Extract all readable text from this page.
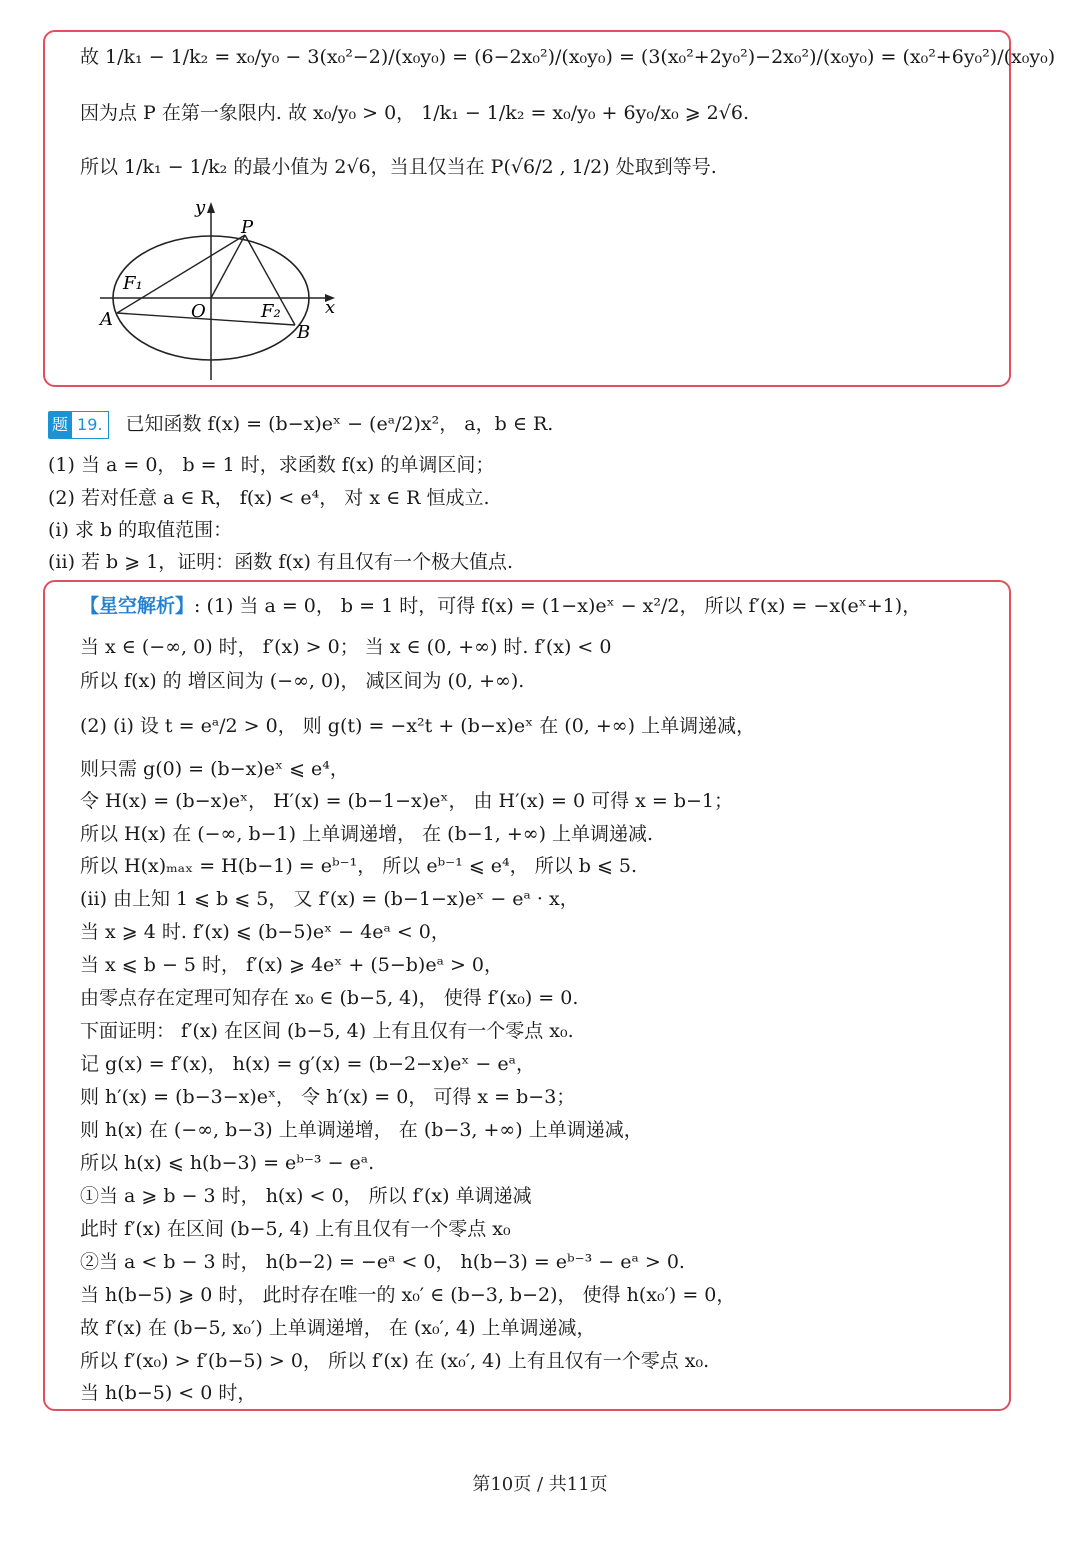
故 1/k₁ − 1/k₂ = x₀/y₀ − 3(x₀²−2)/(x₀y₀) = (6−2x₀²)/(x₀y₀) = (3(x₀²+2y₀²)−2x₀²)/(x₀y₀) = (x₀²+6y₀²)/(x₀y₀)
因为点 P 在第一象限内. 故 x₀/y₀ > 0， 1/k₁ − 1/k₂ = x₀/y₀ + 6y₀/x₀ ⩾ 2√6.
所以 1/k₁ − 1/k₂ 的最小值为 2√6，当且仅当在 P(√6/2 , 1/2) 处取到等号.
y
P
F₁
O	F₂ x
A
B
题 19. 已知函数 f(x) = (b−x)eˣ − (eᵃ/2)x²， a，b ∈ R.
(1) 当 a = 0， b = 1 时，求函数 f(x) 的单调区间；
(2) 若对任意 a ∈ R， f(x) < e⁴， 对 x ∈ R 恒成立.
(i) 求 b 的取值范围：
(ii) 若 b ⩾ 1，证明：函数 f(x) 有且仅有一个极大值点.
【星空解析】: (1) 当 a = 0， b = 1 时，可得 f(x) = (1−x)eˣ − x²/2， 所以 f′(x) = −x(eˣ+1)，
当 x ∈ (−∞, 0) 时， f′(x) > 0； 当 x ∈ (0, +∞) 时. f′(x) < 0
所以 f(x) 的 增区间为 (−∞, 0)， 减区间为 (0, +∞).
(2) (i) 设 t = eᵃ/2 > 0， 则 g(t) = −x²t + (b−x)eˣ 在 (0, +∞) 上单调递减，
则只需 g(0) = (b−x)eˣ ⩽ e⁴，
令 H(x) = (b−x)eˣ， H′(x) = (b−1−x)eˣ， 由 H′(x) = 0 可得 x = b−1；
所以 H(x) 在 (−∞, b−1) 上单调递增， 在 (b−1, +∞) 上单调递减.
所以 H(x)ₘₐₓ = H(b−1) = eᵇ⁻¹， 所以 eᵇ⁻¹ ⩽ e⁴， 所以 b ⩽ 5.
(ii) 由上知 1 ⩽ b ⩽ 5， 又 f′(x) = (b−1−x)eˣ − eᵃ · x，
当 x ⩾ 4 时. f′(x) ⩽ (b−5)eˣ − 4eᵃ < 0，
当 x ⩽ b − 5 时， f′(x) ⩾ 4eˣ + (5−b)eᵃ > 0，
由零点存在定理可知存在 x₀ ∈ (b−5, 4)， 使得 f′(x₀) = 0.
下面证明： f′(x) 在区间 (b−5, 4) 上有且仅有一个零点 x₀.
记 g(x) = f′(x)， h(x) = g′(x) = (b−2−x)eˣ − eᵃ，
则 h′(x) = (b−3−x)eˣ， 令 h′(x) = 0， 可得 x = b−3；
则 h(x) 在 (−∞, b−3) 上单调递增， 在 (b−3, +∞) 上单调递减，
所以 h(x) ⩽ h(b−3) = eᵇ⁻³ − eᵃ.
①当 a ⩾ b − 3 时， h(x) < 0， 所以 f′(x) 单调递减
此时 f′(x) 在区间 (b−5, 4) 上有且仅有一个零点 x₀
②当 a < b − 3 时， h(b−2) = −eᵃ < 0， h(b−3) = eᵇ⁻³ − eᵃ > 0.
当 h(b−5) ⩾ 0 时， 此时存在唯一的 x₀′ ∈ (b−3, b−2)， 使得 h(x₀′) = 0，
故 f′(x) 在 (b−5, x₀′) 上单调递增， 在 (x₀′, 4) 上单调递减，
所以 f′(x₀) > f′(b−5) > 0， 所以 f′(x) 在 (x₀′, 4) 上有且仅有一个零点 x₀.
当 h(b−5) < 0 时，
第10页 / 共11页
